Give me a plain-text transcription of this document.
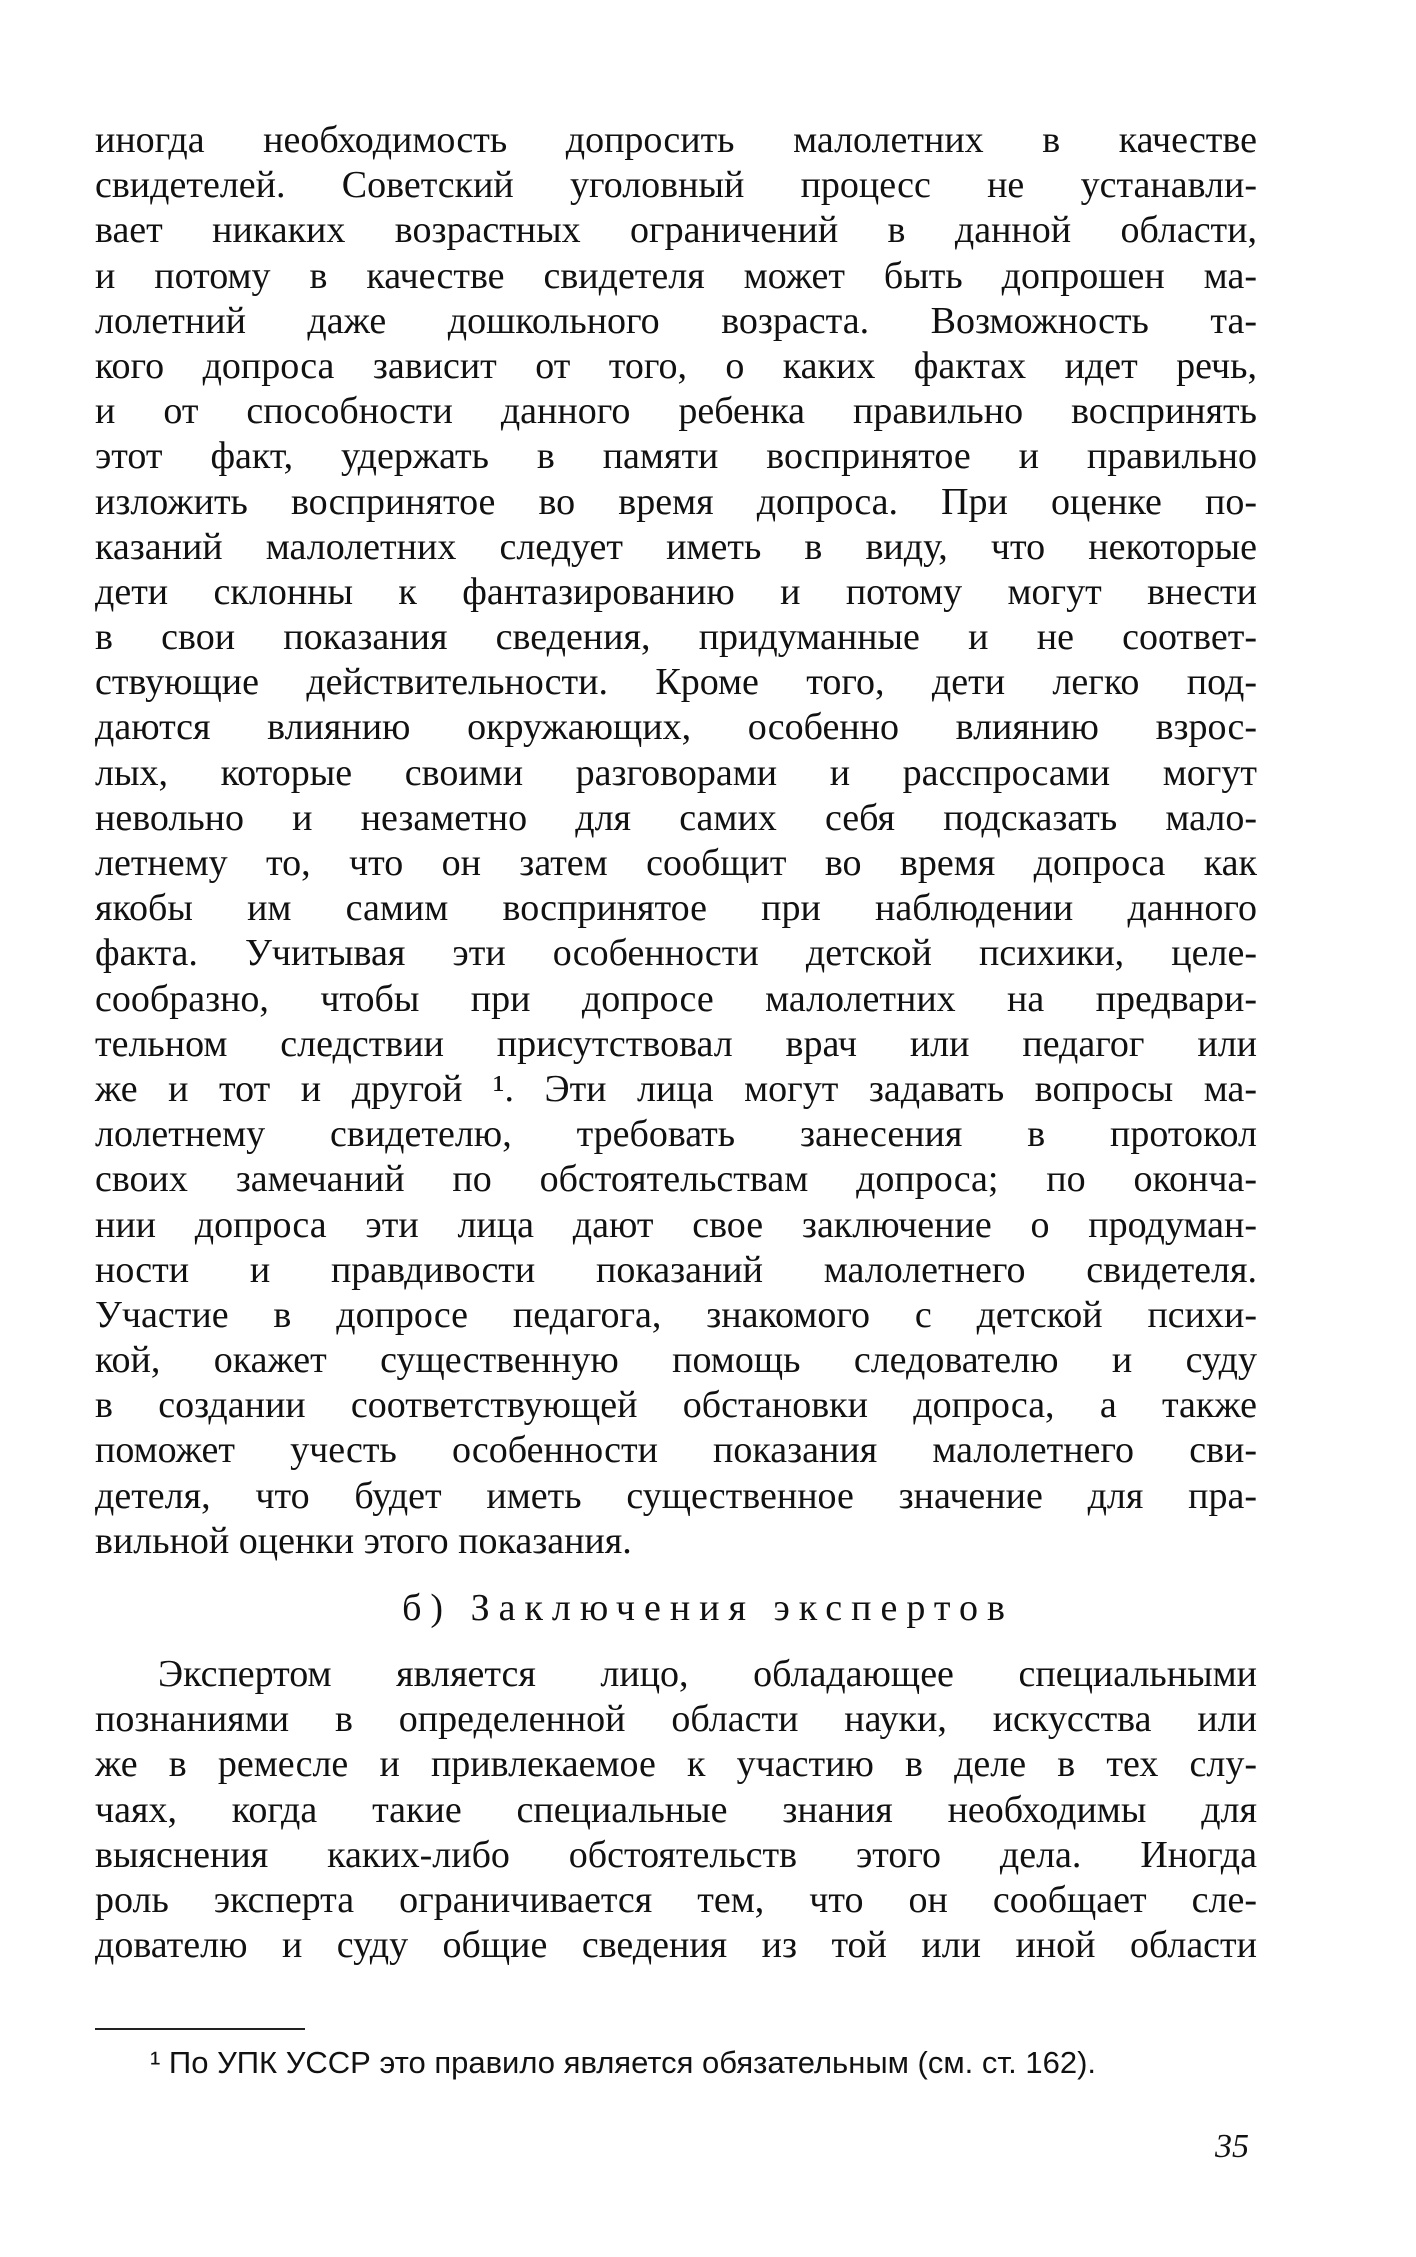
иногда необходимость допросить малолетних в качестве
свидетелей. Советский уголовный процесс не устанавли-
вает никаких возрастных ограничений в данной области,
и потому в качестве свидетеля может быть допрошен ма-
лолетний даже дошкольного возраста. Возможность та-
кого допроса зависит от того, о каких фактах идет речь,
и от способности данного ребенка правильно воспринять
этот факт, удержать в памяти воспринятое и правильно
изложить воспринятое во время допроса. При оценке по-
казаний малолетних следует иметь в виду, что некоторые
дети склонны к фантазированию и потому могут внести
в свои показания сведения, придуманные и не соответ-
ствующие действительности. Кроме того, дети легко под-
даются влиянию окружающих, особенно влиянию взрос-
лых, которые своими разговорами и расспросами могут
невольно и незаметно для самих себя подсказать мало-
летнему то, что он затем сообщит во время допроса как
якобы им самим воспринятое при наблюдении данного
факта. Учитывая эти особенности детской психики, целе-
сообразно, чтобы при допросе малолетних на предвари-
тельном следствии присутствовал врач или педагог или
же и тот и другой ¹. Эти лица могут задавать вопросы ма-
лолетнему свидетелю, требовать занесения в протокол
своих замечаний по обстоятельствам допроса; по оконча-
нии допроса эти лица дают свое заключение о продуман-
ности и правдивости показаний малолетнего свидетеля.
Участие в допросе педагога, знакомого с детской психи-
кой, окажет существенную помощь следователю и суду
в создании соответствующей обстановки допроса, а также
поможет учесть особенности показания малолетнего сви-
детеля, что будет иметь существенное значение для пра-
вильной оценки этого показания.
б) Заключения экспертов
Экспертом является лицо, обладающее специальными
познаниями в определенной области науки, искусства или
же в ремесле и привлекаемое к участию в деле в тех слу-
чаях, когда такие специальные знания необходимы для
выяснения каких-либо обстоятельств этого дела. Иногда
роль эксперта ограничивается тем, что он сообщает сле-
дователю и суду общие сведения из той или иной области
¹ По УПК УССР это правило является обязательным (см. ст. 162).
35
